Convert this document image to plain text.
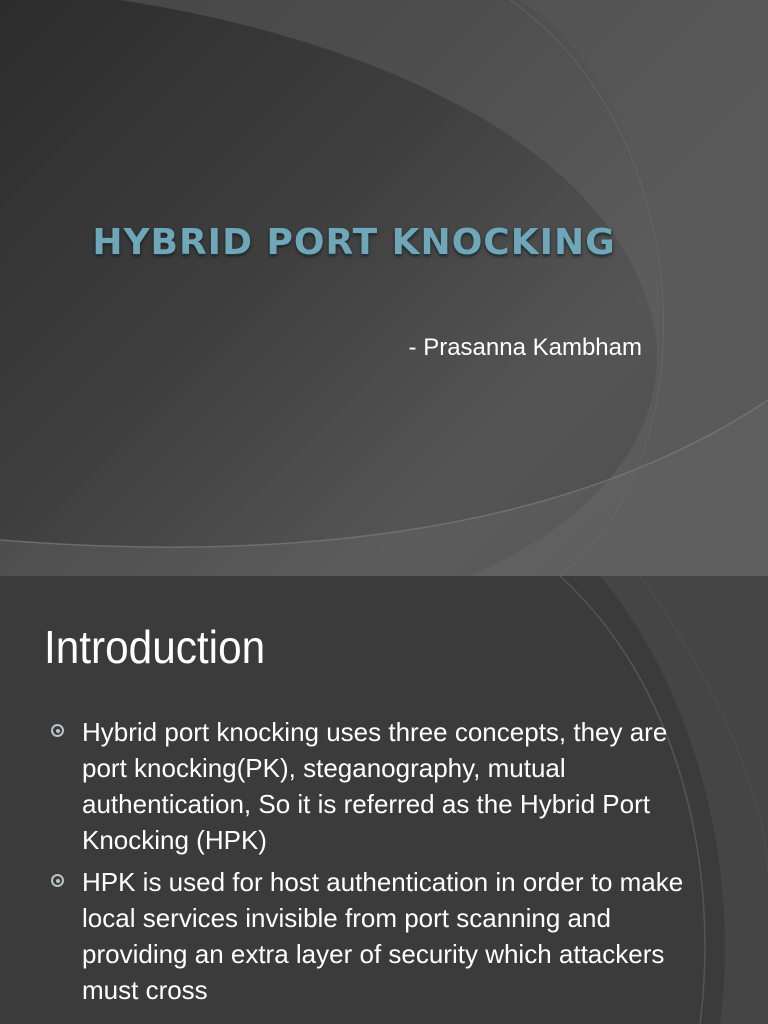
HYBRID PORT KNOCKING
- Prasanna Kambham
Introduction
Hybrid port knocking uses three concepts, they are port knocking(PK), steganography, mutual authentication, So it is referred as the Hybrid Port Knocking (HPK)
HPK is used for host authentication in order to make local services invisible from port scanning and providing an extra layer of security which attackers must cross
